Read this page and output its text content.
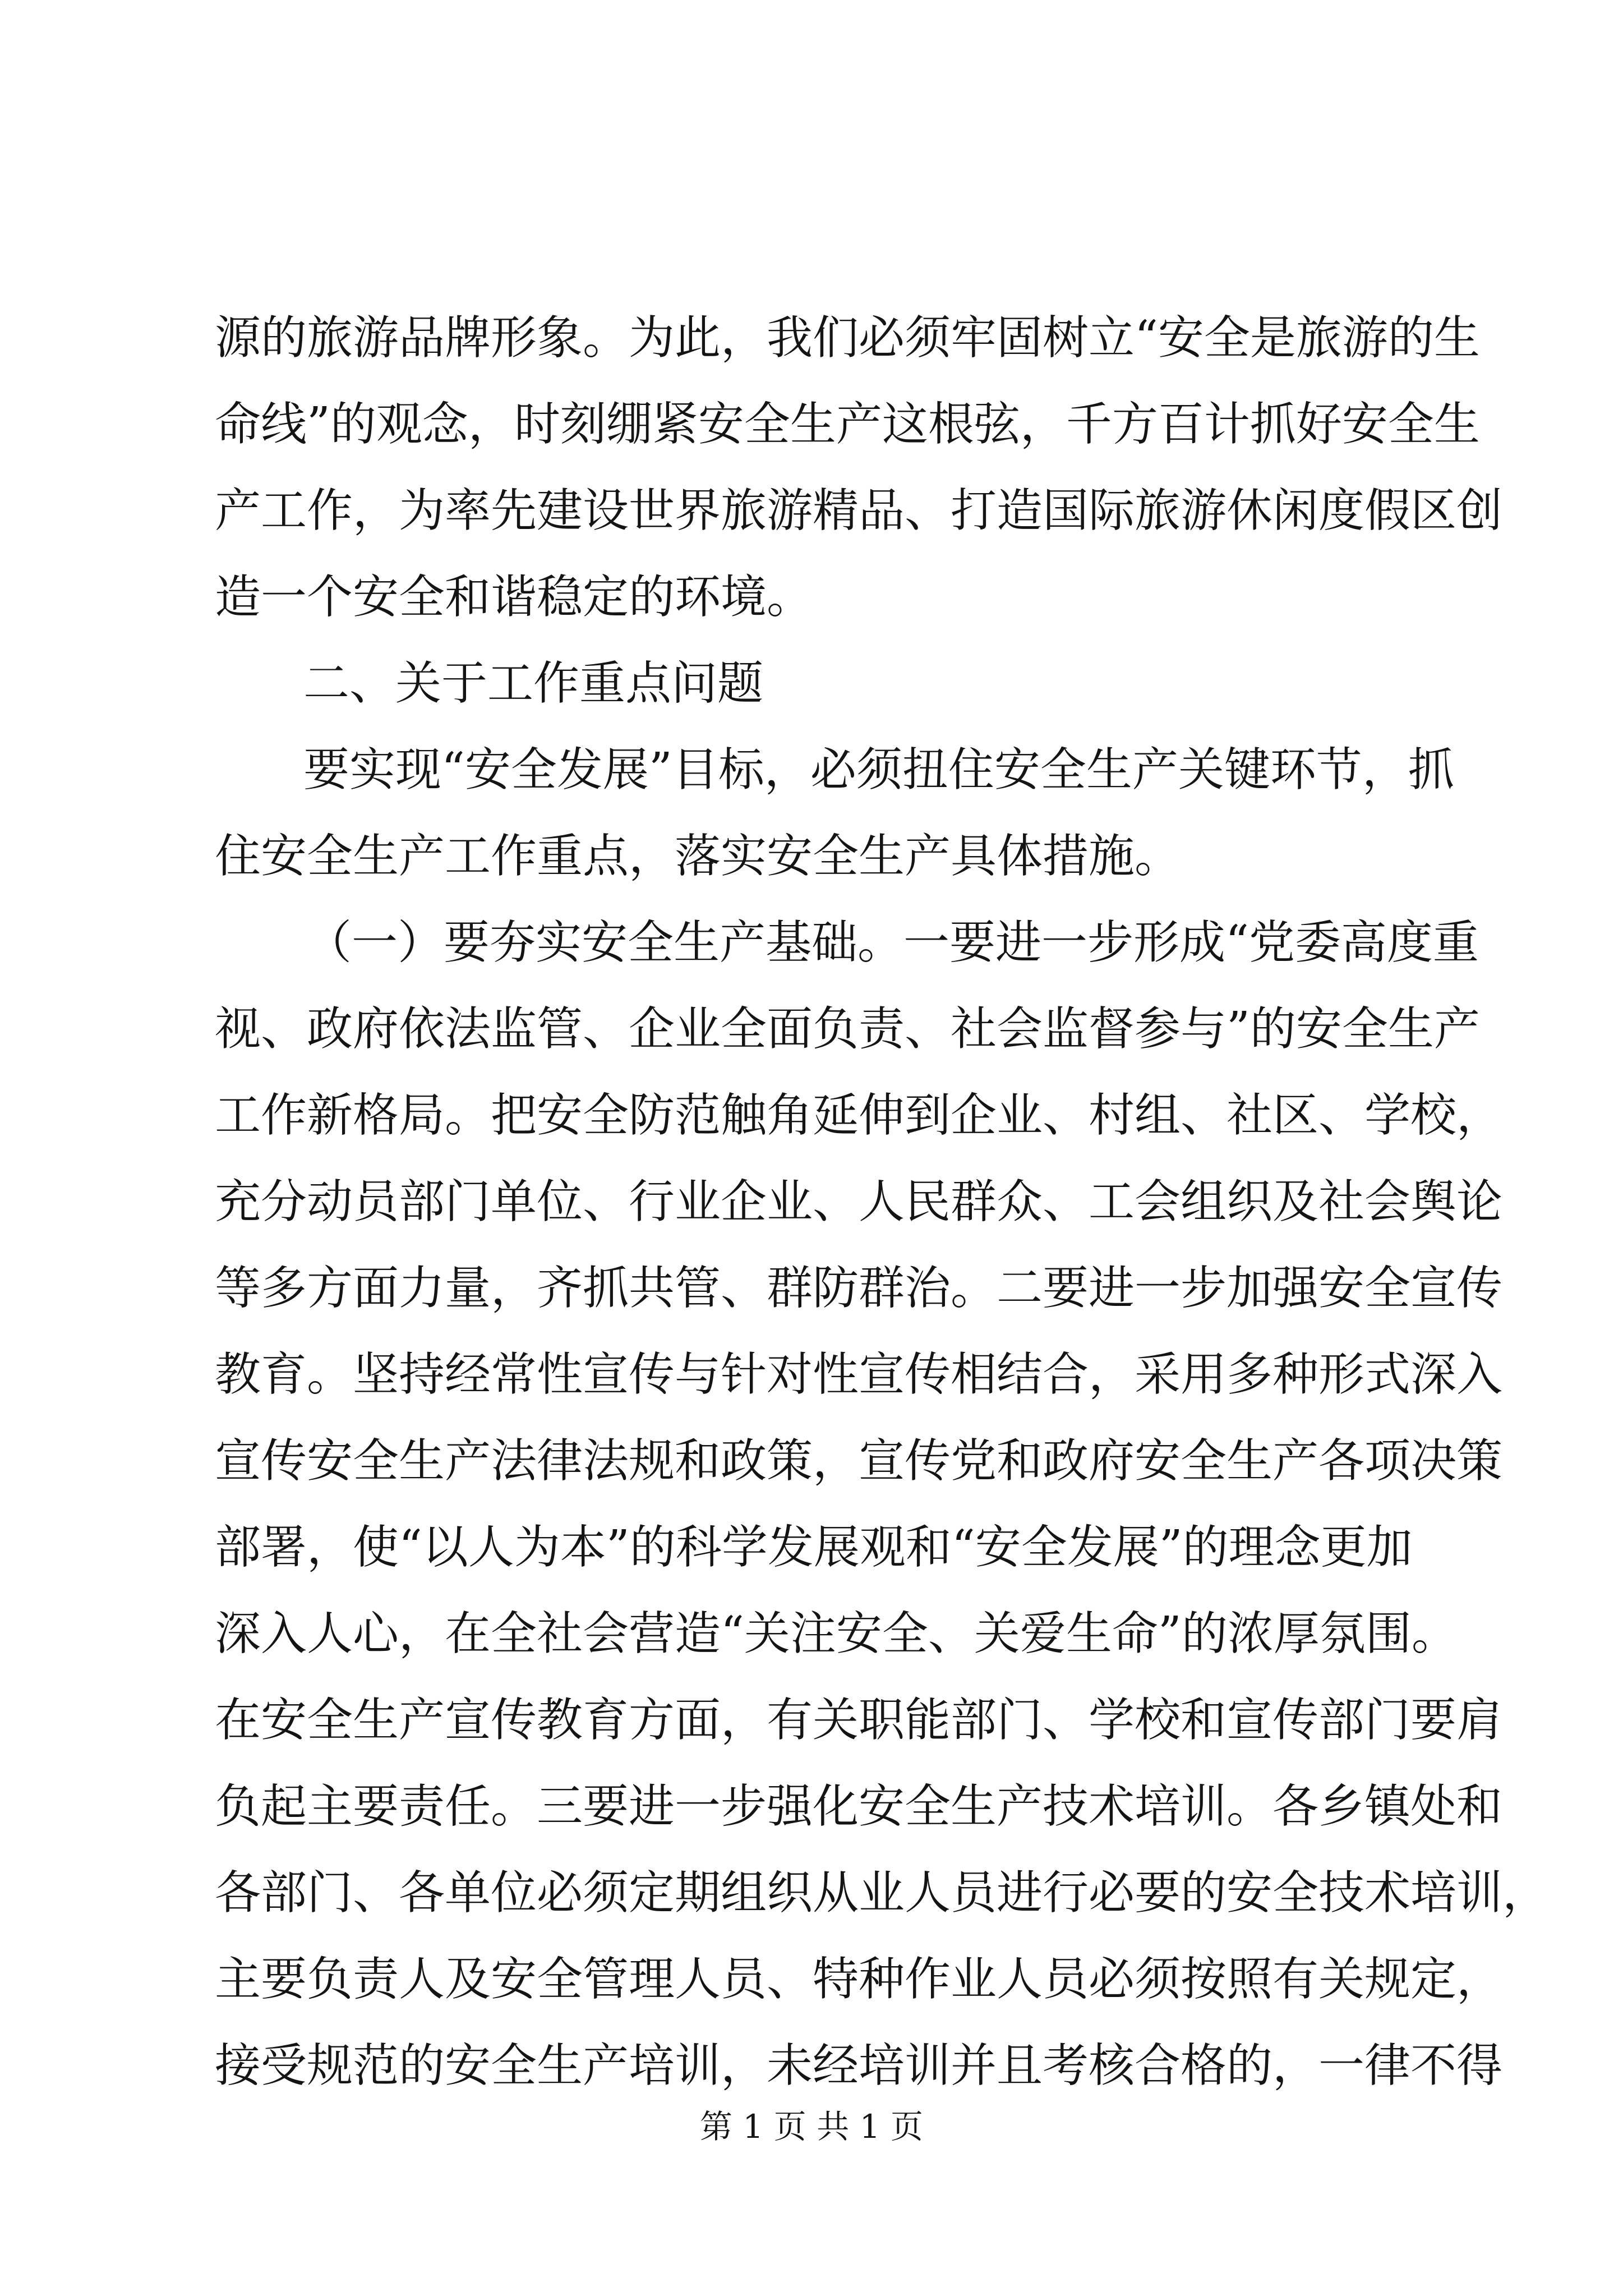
源的旅游品牌形象。为此，我们必须牢固树立“安全是旅游的生

命线”的观念，时刻绷紧安全生产这根弦，千方百计抓好安全生

产工作，为率先建设世界旅游精品、打造国际旅游休闲度假区创

造一个安全和谐稳定的环境。

二、关于工作重点问题

要实现“安全发展”目标，必须扭住安全生产关键环节，抓

住安全生产工作重点，落实安全生产具体措施。

（一）要夯实安全生产基础。一要进一步形成“党委高度重

视、政府依法监管、企业全面负责、社会监督参与”的安全生产

工作新格局。把安全防范触角延伸到企业、村组、社区、学校，

充分动员部门单位、行业企业、人民群众、工会组织及社会舆论

等多方面力量，齐抓共管、群防群治。二要进一步加强安全宣传

教育。坚持经常性宣传与针对性宣传相结合，采用多种形式深入

宣传安全生产法律法规和政策，宣传党和政府安全生产各项决策

部署，使“以人为本”的科学发展观和“安全发展”的理念更加

深入人心，在全社会营造“关注安全、关爱生命”的浓厚氛围。

在安全生产宣传教育方面，有关职能部门、学校和宣传部门要肩

负起主要责任。三要进一步强化安全生产技术培训。各乡镇处和

各部门、各单位必须定期组织从业人员进行必要的安全技术培训，

主要负责人及安全管理人员、特种作业人员必须按照有关规定，

接受规范的安全生产培训，未经培训并且考核合格的，一律不得

第 1 页 共 1 页
